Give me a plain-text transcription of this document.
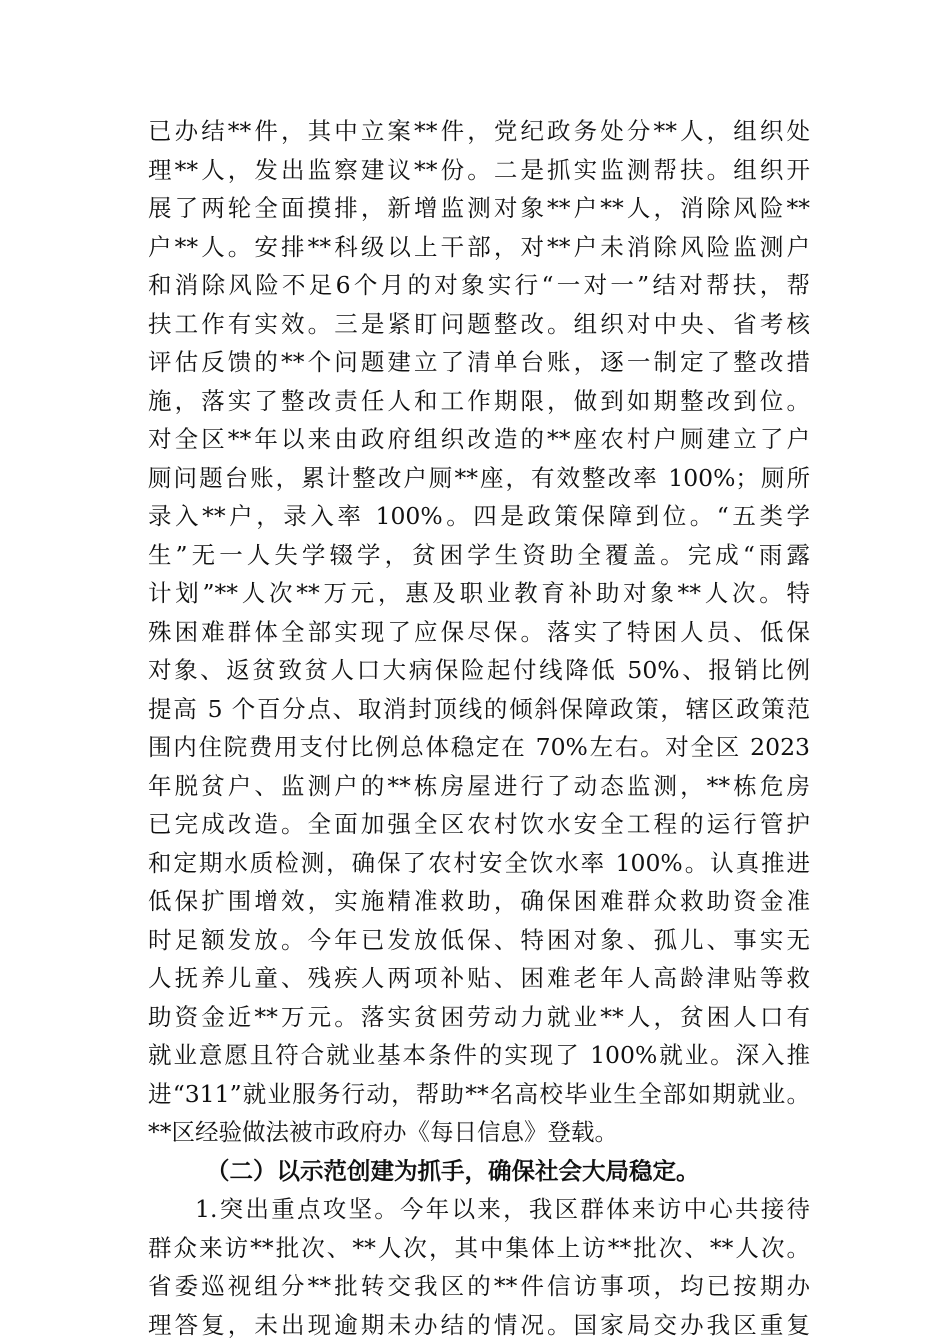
已办结**件，其中立案**件，党纪政务处分**人，组织处
理**人，发出监察建议**份。二是抓实监测帮扶。组织开
展了两轮全面摸排，新增监测对象**户**人，消除风险**
户**人。安排**科级以上干部，对**户未消除风险监测户
和消除风险不足6个月的对象实行“一对一”结对帮扶，帮
扶工作有实效。三是紧盯问题整改。组织对中央、省考核
评估反馈的**个问题建立了清单台账，逐一制定了整改措
施，落实了整改责任人和工作期限，做到如期整改到位。
对全区**年以来由政府组织改造的**座农村户厕建立了户
厕问题台账，累计整改户厕**座，有效整改率 100%；厕所
录入**户，录入率 100%。四是政策保障到位。“五类学
生”无一人失学辍学，贫困学生资助全覆盖。完成“雨露
计划”**人次**万元，惠及职业教育补助对象**人次。特
殊困难群体全部实现了应保尽保。落实了特困人员、低保
对象、返贫致贫人口大病保险起付线降低 50%、报销比例
提高 5 个百分点、取消封顶线的倾斜保障政策，辖区政策范
围内住院费用支付比例总体稳定在 70%左右。对全区 2023
年脱贫户、监测户的**栋房屋进行了动态监测，**栋危房
已完成改造。全面加强全区农村饮水安全工程的运行管护
和定期水质检测，确保了农村安全饮水率 100%。认真推进
低保扩围增效，实施精准救助，确保困难群众救助资金准
时足额发放。今年已发放低保、特困对象、孤儿、事实无
人抚养儿童、残疾人两项补贴、困难老年人高龄津贴等救
助资金近**万元。落实贫困劳动力就业**人，贫困人口有
就业意愿且符合就业基本条件的实现了 100%就业。深入推
进“311”就业服务行动，帮助**名高校毕业生全部如期就业。
**区经验做法被市政府办《每日信息》登载。
（二）以示范创建为抓手，确保社会大局稳定。
1.突出重点攻坚。今年以来，我区群体来访中心共接待
群众来访**批次、**人次，其中集体上访**批次、**人次。
省委巡视组分**批转交我区的**件信访事项，均已按期办
理答复，未出现逾期未办结的情况。国家局交办我区重复
